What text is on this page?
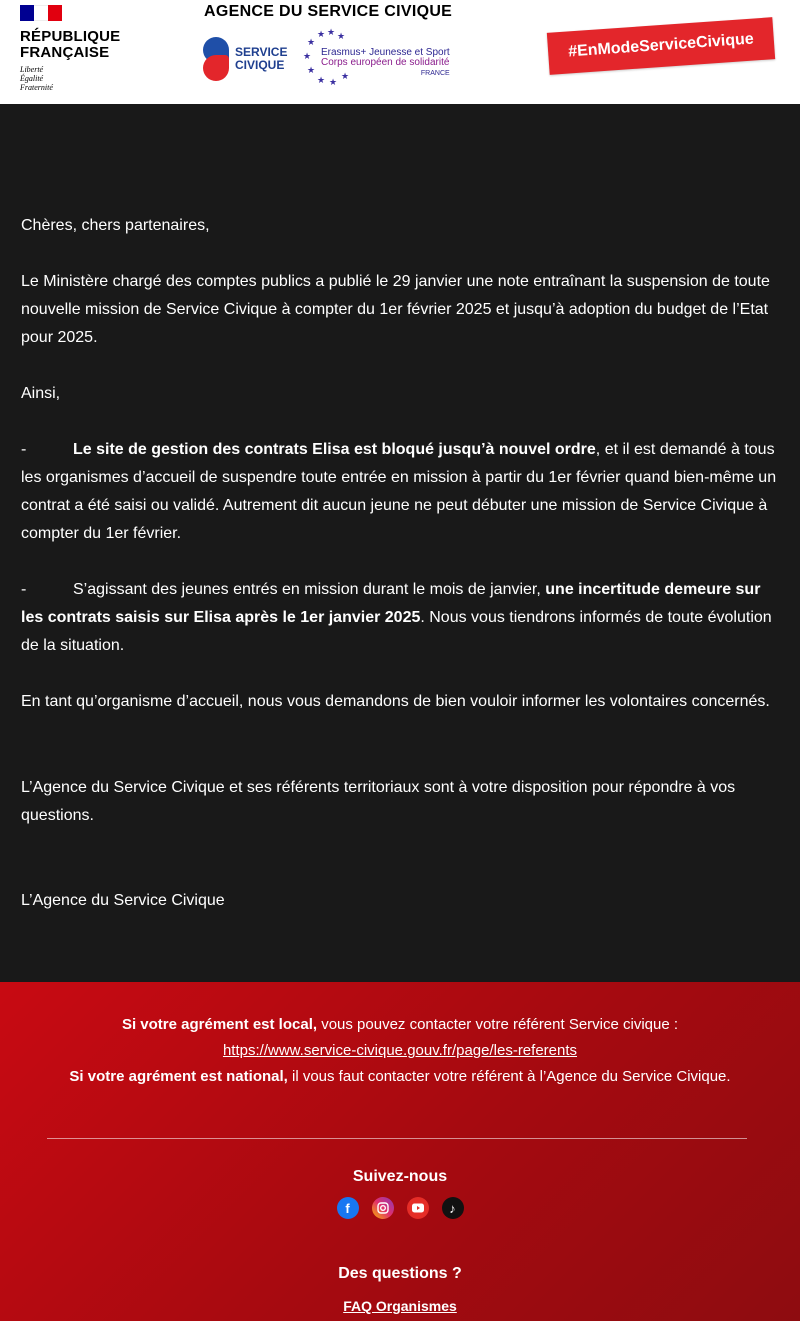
RÉPUBLIQUE
FRANÇAISE
Liberté
Égalité
Fraternité
AGENCE DU SERVICE CIVIQUE
SERVICE
CIVIQUE
★ ★
★
★
★
★
★ ★
★
Erasmus+ Jeunesse et Sport
Corps européen de solidarité
FRANCE
#EnModeServiceCivique
Chères, chers partenaires,
Le Ministère chargé des comptes publics a publié le 29 janvier une note entraînant la suspension de toute nouvelle mission de Service Civique à compter du 1er février 2025 et jusqu’à adoption du budget de l’Etat pour 2025.
Ainsi,
-	Le site de gestion des contrats Elisa est bloqué jusqu’à nouvel ordre, et il est demandé à tous les organismes d’accueil de suspendre toute entrée en mission à partir du 1er février quand bien-même un contrat a été saisi ou validé. Autrement dit aucun jeune ne peut débuter une mission de Service Civique à compter du 1er février.
-	S’agissant des jeunes entrés en mission durant le mois de janvier, une incertitude demeure sur les contrats saisis sur Elisa après le 1er janvier 2025. Nous vous tiendrons informés de toute évolution de la situation.
En tant qu’organisme d’accueil, nous vous demandons de bien vouloir informer les volontaires concernés.
L’Agence du Service Civique et ses référents territoriaux sont à votre disposition pour répondre à vos questions.
L’Agence du Service Civique
Si votre agrément est local, vous pouvez contacter votre référent Service civique :
https://www.service-civique.gouv.fr/page/les-referents
Si votre agrément est national, il vous faut contacter votre référent à l’Agence du Service Civique.
Suivez-nous
f	♪
Des questions ?
FAQ Organismes
